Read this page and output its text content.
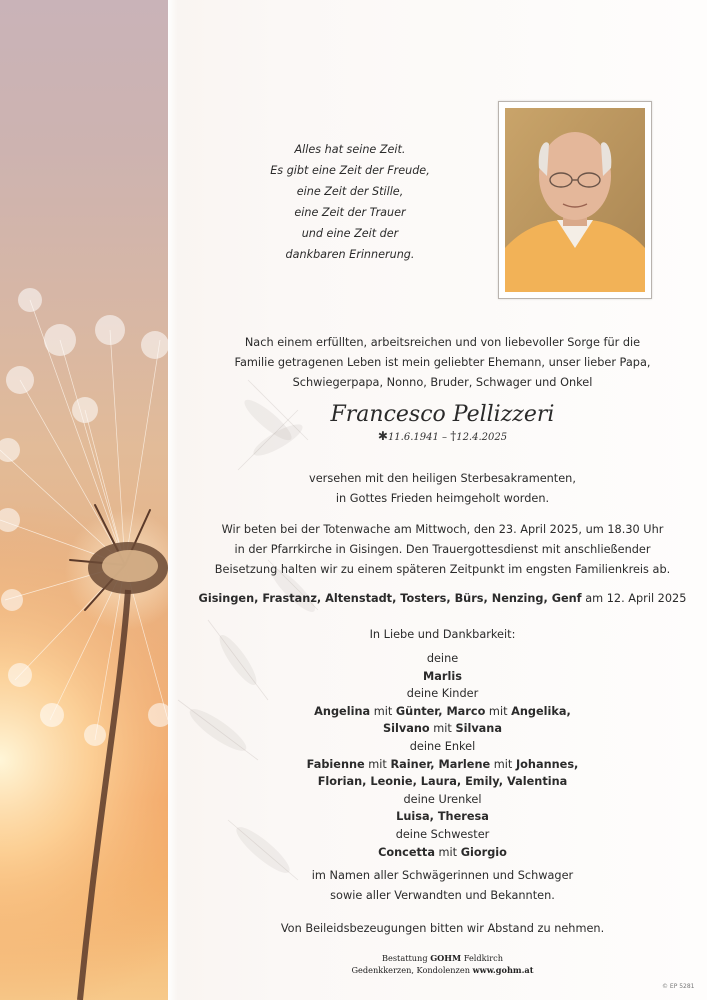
Alles hat seine Zeit.
Es gibt eine Zeit der Freude,
eine Zeit der Stille,
eine Zeit der Trauer
und eine Zeit der
dankbaren Erinnerung.
Nach einem erfüllten, arbeitsreichen und von liebevoller Sorge für die
Familie getragenen Leben ist mein geliebter Ehemann, unser lieber Papa,
Schwiegerpapa, Nonno, Bruder, Schwager und Onkel
Francesco Pellizzeri
✱11.6.1941 – †12.4.2025
versehen mit den heiligen Sterbesakramenten,
in Gottes Frieden heimgeholt worden.
Wir beten bei der Totenwache am Mittwoch, den 23. April 2025, um 18.30 Uhr
in der Pfarrkirche in Gisingen. Den Trauergottesdienst mit anschließender
Beisetzung halten wir zu einem späteren Zeitpunkt im engsten Familienkreis ab.
Gisingen, Frastanz, Altenstadt, Tosters, Bürs, Nenzing, Genf am 12. April 2025
In Liebe und Dankbarkeit:
deine
Marlis
deine Kinder
Angelina mit Günter, Marco mit Angelika,
Silvano mit Silvana
deine Enkel
Fabienne mit Rainer, Marlene mit Johannes,
Florian, Leonie, Laura, Emily, Valentina
deine Urenkel
Luisa, Theresa
deine Schwester
Concetta mit Giorgio
im Namen aller Schwägerinnen und Schwager
sowie aller Verwandten und Bekannten.
Von Beileidsbezeugungen bitten wir Abstand zu nehmen.
Bestattung GOHM Feldkirch
Gedenkkerzen, Kondolenzen www.gohm.at
© EP 5281
